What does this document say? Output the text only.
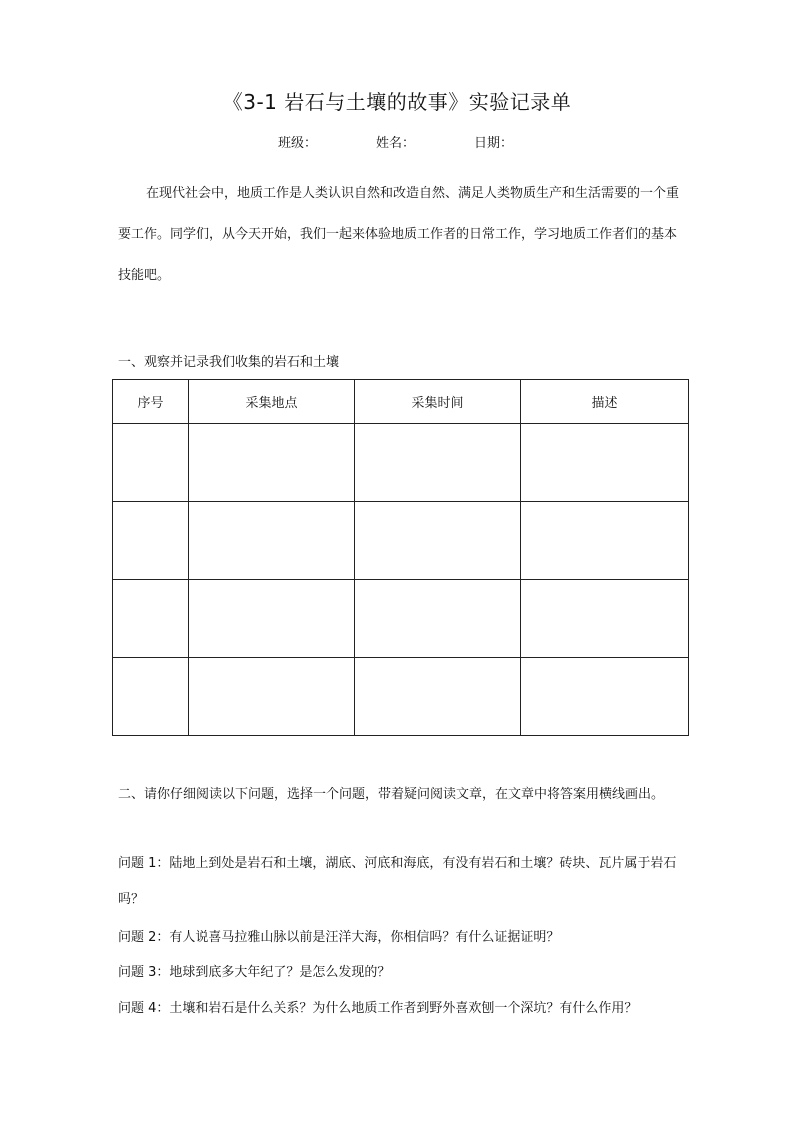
《3-1 岩石与土壤的故事》实验记录单
班级：	姓名：	日期：

在现代社会中，地质工作是人类认识自然和改造自然、满足人类物质生产和生活需要的一个重要工作。同学们，从今天开始，我们一起来体验地质工作者的日常工作，学习地质工作者们的基本技能吧。

一、观察并记录我们收集的岩石和土壤
序号	采集地点	采集时间	描述

二、请你仔细阅读以下问题，选择一个问题，带着疑问阅读文章，在文章中将答案用横线画出。

问题 1：陆地上到处是岩石和土壤，湖底、河底和海底，有没有岩石和土壤？砖块、瓦片属于岩石吗？

问题 2：有人说喜马拉雅山脉以前是汪洋大海，你相信吗？有什么证据证明？

问题 3：地球到底多大年纪了？是怎么发现的？

问题 4：土壤和岩石是什么关系？为什么地质工作者到野外喜欢刨一个深坑？有什么作用？
